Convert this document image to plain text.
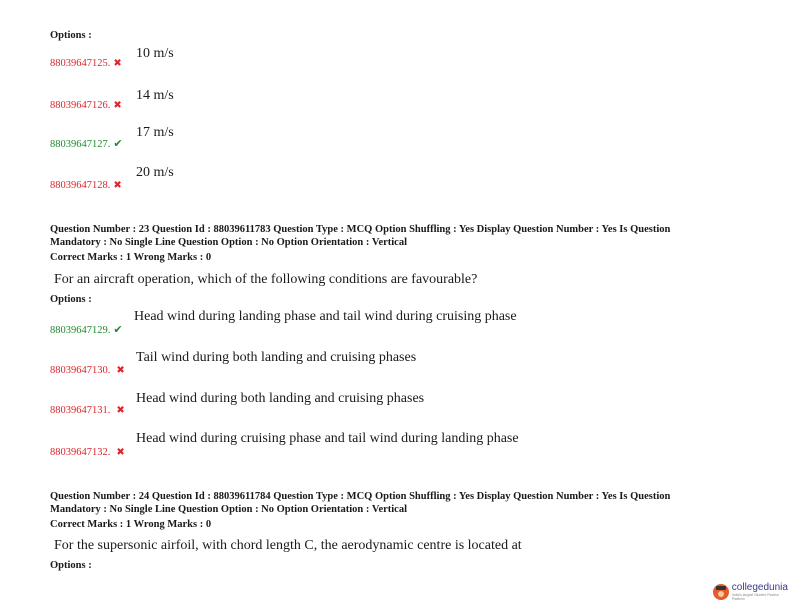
Options :
88039647125. ✖
10 m/s
88039647126. ✖
14 m/s
88039647127. ✔
17 m/s
88039647128. ✖
20 m/s
Question Number : 23 Question Id : 88039611783 Question Type : MCQ Option Shuffling : Yes Display Question Number : Yes Is Question
Mandatory : No Single Line Question Option : No Option Orientation : Vertical
Correct Marks : 1 Wrong Marks : 0
For an aircraft operation, which of the following conditions are favourable?
Options :
88039647129. ✔
Head wind during landing phase and tail wind during cruising phase
88039647130. ✖
Tail wind during both landing and cruising phases
88039647131. ✖
Head wind during both landing and cruising phases
88039647132. ✖
Head wind during cruising phase and tail wind during landing phase
Question Number : 24 Question Id : 88039611784 Question Type : MCQ Option Shuffling : Yes Display Question Number : Yes Is Question
Mandatory : No Single Line Question Option : No Option Orientation : Vertical
Correct Marks : 1 Wrong Marks : 0
For the supersonic airfoil, with chord length C, the aerodynamic centre is located at
Options :
collegedunia
India's largest Student Review Platform
